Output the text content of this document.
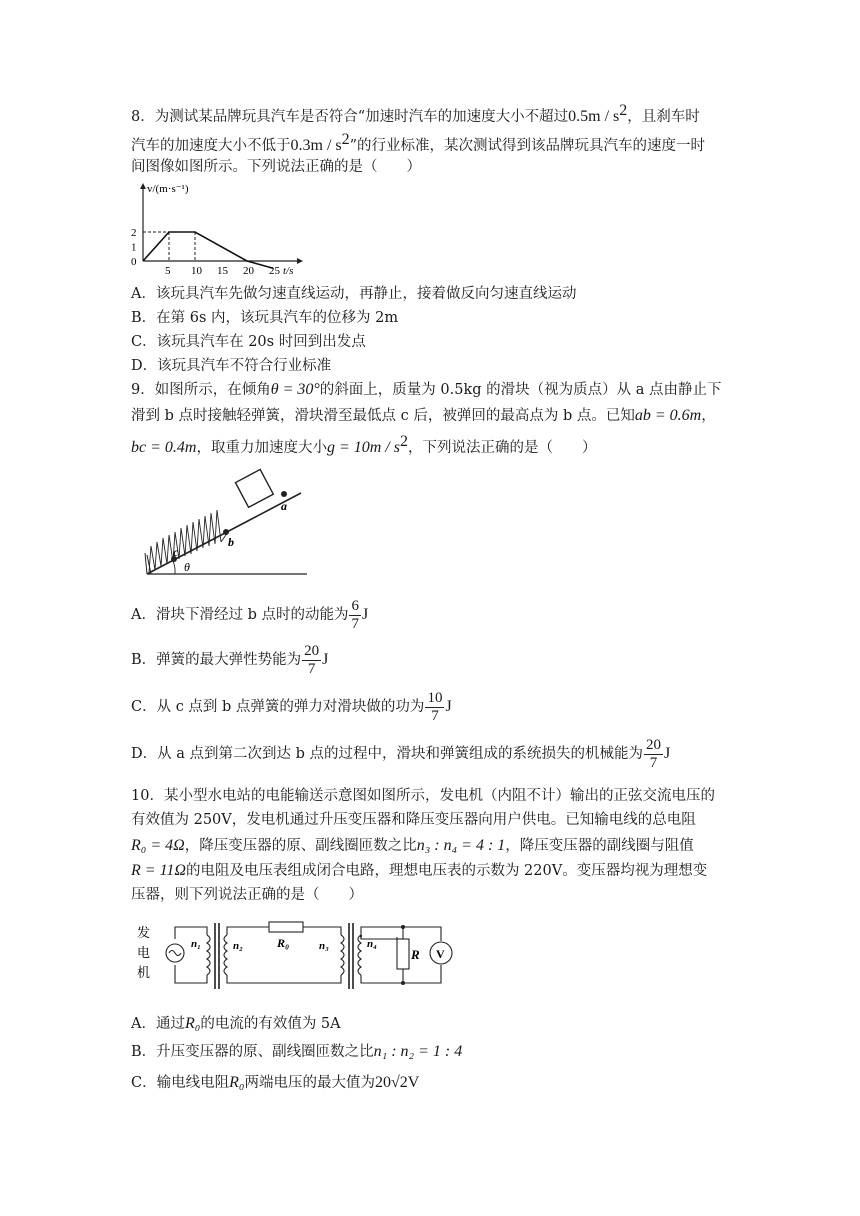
8．为测试某品牌玩具汽车是否符合“加速时汽车的加速度大小不超过$0.5m / s^2$，且刹车时
汽车的加速度大小不低于$0.3m / s^2$”的行业标准，某次测试得到该品牌玩具汽车的速度一时
间图像如图所示。下列说法正确的是（　　）
5 10 15 20 25
0
1
2
v/(m·s⁻¹)
t/s
A．该玩具汽车先做匀速直线运动，再静止，接着做反向匀速直线运动
B．在第 6s 内，该玩具汽车的位移为 2m
C．该玩具汽车在 20s 时回到出发点
D．该玩具汽车不符合行业标准
9．如图所示，在倾角θ = 30°的斜面上，质量为 0.5kg 的滑块（视为质点）从 a 点由静止下
滑到 b 点时接触轻弹簧，滑块滑至最低点 c 后，被弹回的最高点为 b 点。已知ab = 0.6m，
bc = 0.4m，取重力加速度大小$g = 10m / s^2$，下列说法正确的是（　　）
a
b
c
θ
A．滑块下滑经过 b 点时的动能为 $\frac{6}{7}$ J
B．弹簧的最大弹性势能为 $\frac{20}{7}$ J
C．从 c 点到 b 点弹簧的弹力对滑块做的功为 $\frac{10}{7}$ J
D．从 a 点到第二次到达 b 点的过程中，滑块和弹簧组成的系统损失的机械能为 $\frac{20}{7}$ J
10．某小型水电站的电能输送示意图如图所示，发电机（内阻不计）输出的正弦交流电压的
有效值为 250V，发电机通过升压变压器和降压变压器向用户供电。已知输电线的总电阻
R₀ = 4Ω，降压变压器的原、副线圈匝数之比n₃ : n₄ = 4 : 1，降压变压器的副线圈与阻值
R = 11Ω的电阻及电压表组成闭合电路，理想电压表的示数为 220V。变压器均视为理想变
压器，则下列说法正确的是（　　）
发
电
机
n₁	n₂	n₃	n₄
R₀
R V
A．通过R₀的电流的有效值为 5A
B．升压变压器的原、副线圈匝数之比n₁ : n₂ = 1 : 4
C．输电线电阻R₀两端电压的最大值为20√2V
